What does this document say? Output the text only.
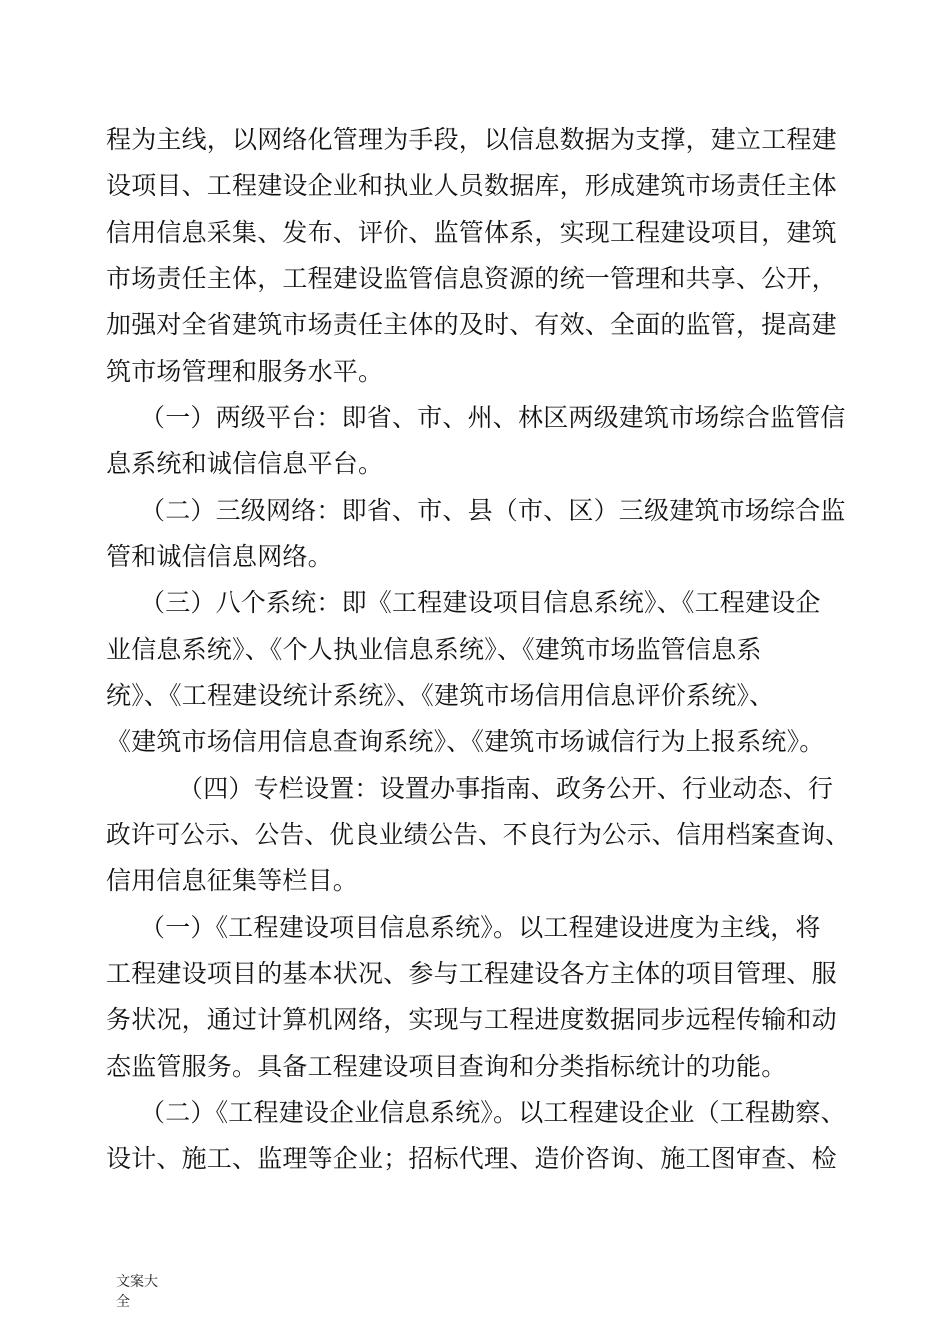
程为主线，以网络化管理为手段，以信息数据为支撑，建立工程建
设项目、工程建设企业和执业人员数据库，形成建筑市场责任主体
信用信息采集、发布、评价、监管体系，实现工程建设项目，建筑
市场责任主体，工程建设监管信息资源的统一管理和共享、公开，
加强对全省建筑市场责任主体的及时、有效、全面的监管，提高建
筑市场管理和服务水平。
（一）两级平台：即省、市、州、林区两级建筑市场综合监管信
息系统和诚信信息平台。
（二）三级网络：即省、市、县（市、区）三级建筑市场综合监
管和诚信信息网络。
（三）八个系统：即《工程建设项目信息系统》、《工程建设企
业信息系统》、《个人执业信息系统》、《建筑市场监管信息系
统》、《工程建设统计系统》、《建筑市场信用信息评价系统》、
《建筑市场信用信息查询系统》、《建筑市场诚信行为上报系统》。
（四）专栏设置：设置办事指南、政务公开、行业动态、行
政许可公示、公告、优良业绩公告、不良行为公示、信用档案查询、
信用信息征集等栏目。
（一）《工程建设项目信息系统》。以工程建设进度为主线，将
工程建设项目的基本状况、参与工程建设各方主体的项目管理、服
务状况，通过计算机网络，实现与工程进度数据同步远程传输和动
态监管服务。具备工程建设项目查询和分类指标统计的功能。
（二）《工程建设企业信息系统》。以工程建设企业（工程勘察、
设计、施工、监理等企业；招标代理、造价咨询、施工图审查、检
文案大
全
